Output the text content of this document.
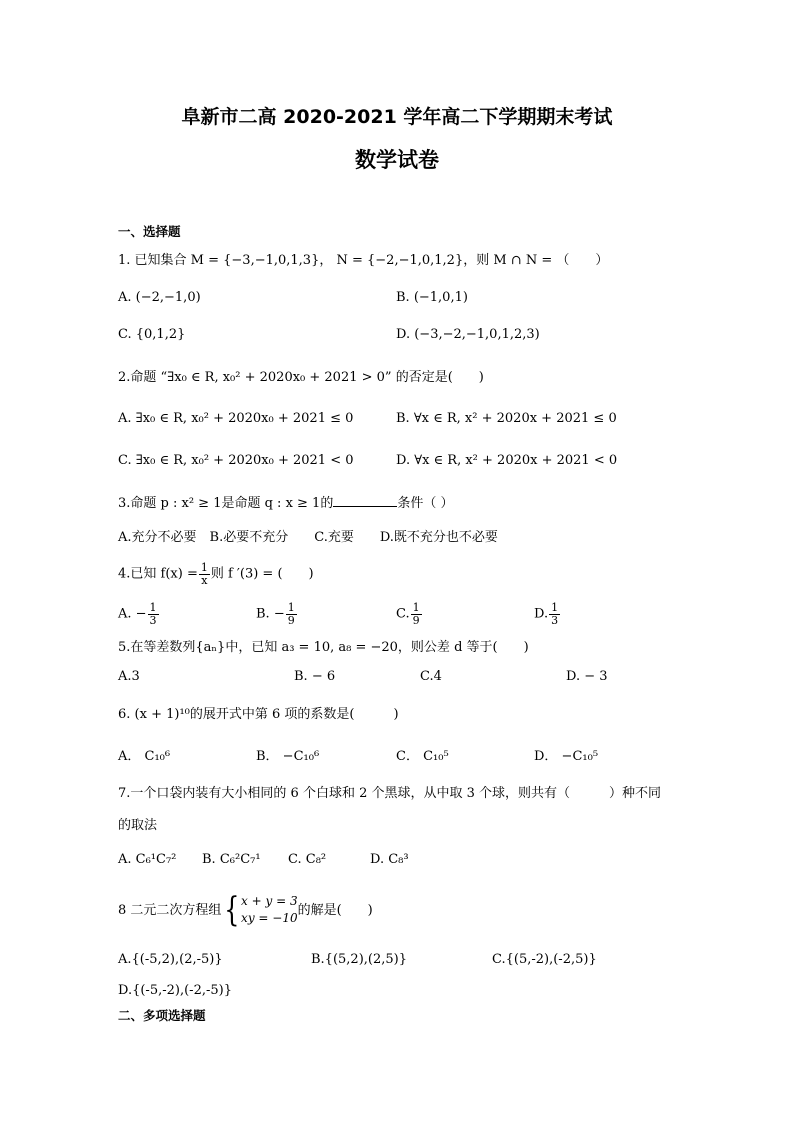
阜新市二高 2020-2021 学年高二下学期期末考试
数学试卷
一、选择题
1. 已知集合 M = {−3,−1,0,1,3}， N = {−2,−1,0,1,2}，则 M ∩ N = （　　）
A. (−2,−1,0)	B. (−1,0,1)
C. {0,1,2}	D. (−3,−2,−1,0,1,2,3)
2.命题 “∃x₀ ∈ R, x₀² + 2020x₀ + 2021 > 0” 的否定是(　　)
A. ∃x₀ ∈ R, x₀² + 2020x₀ + 2021 ≤ 0	B. ∀x ∈ R, x² + 2020x + 2021 ≤ 0
C. ∃x₀ ∈ R, x₀² + 2020x₀ + 2021 < 0	D. ∀x ∈ R, x² + 2020x + 2021 < 0
3.命题 p : x² ≥ 1是命题 q : x ≥ 1的	条件（ ）
A.充分不必要　B.必要不充分　　C.充要　　D.既不充分也不必要
4.已知 $f(x) = \frac{1}{x}$ 则 f ′(3) = (　　)
A. − $\frac{1}{3}$	B. − $\frac{1}{9}$	C. $\frac{1}{9}$	D. $\frac{1}{3}$
5.在等差数列{aₙ}中，已知 a₃ = 10, a₈ = −20，则公差 d 等于(　　)
A.3	B. − 6	C.4	D. − 3
6. (x + 1)¹⁰的展开式中第 6 项的系数是(　　　)
A． C₁₀⁶	B． −C₁₀⁶	C． C₁₀⁵	D． −C₁₀⁵
7.一个口袋内装有大小相同的 6 个白球和 2 个黑球，从中取 3 个球，则共有（　　　）种不同
的取法
A. C₆¹C₇² B. C₆²C₇¹ C. C₈²	D. C₈³
8 二元二次方程组 { x + y = 3
xy = −10
的解是(　　)
A.{(-5,2),(2,-5)}	B.{(5,2),(2,5)}	C.{(5,-2),(-2,5)}
D.{(-5,-2),(-2,-5)}
二、多项选择题
